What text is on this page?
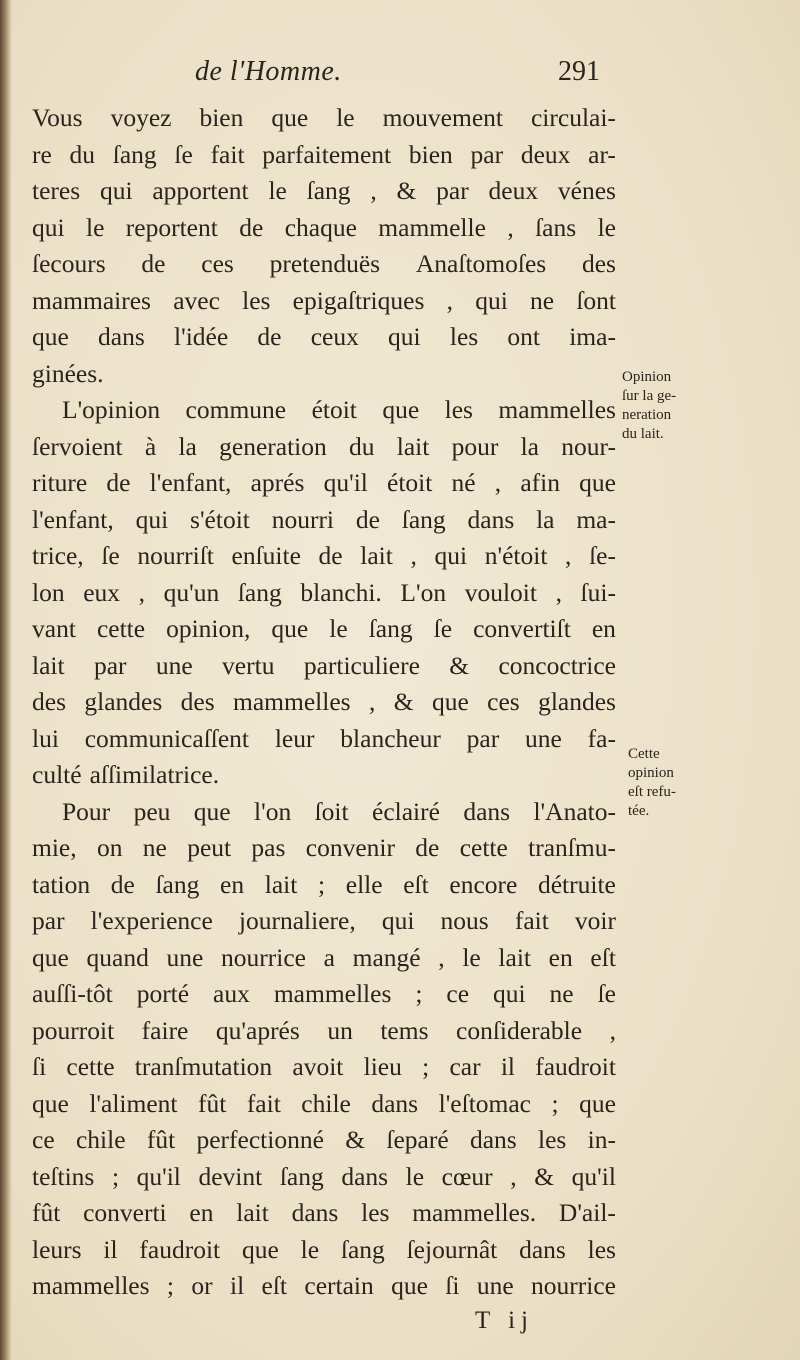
de l'Homme.	291
Vous voyez bien que le mouvement circulai-
re du ſang ſe fait parfaitement bien par deux ar-
teres qui apportent le ſang , & par deux vénes
qui le reportent de chaque mammelle , ſans le
ſecours de ces pretenduës Anaſtomoſes des
mammaires avec les epigaſtriques , qui ne ſont
que dans l'idée de ceux qui les ont ima-
ginées.
L'opinion commune étoit que les mammelles
ſervoient à la generation du lait pour la nour-
riture de l'enfant, aprés qu'il étoit né , afin que
l'enfant, qui s'étoit nourri de ſang dans la ma-
trice, ſe nourriſt enſuite de lait , qui n'étoit , ſe-
lon eux , qu'un ſang blanchi. L'on vouloit , ſui-
vant cette opinion, que le ſang ſe convertiſt en
lait par une vertu particuliere & concoctrice
des glandes des mammelles , & que ces glandes
lui communicaſſent leur blancheur par une fa-
culté aſſimilatrice.
Pour peu que l'on ſoit éclairé dans l'Anato-
mie, on ne peut pas convenir de cette tranſmu-
tation de ſang en lait ; elle eſt encore détruite
par l'experience journaliere, qui nous fait voir
que quand une nourrice a mangé , le lait en eſt
auſſi-tôt porté aux mammelles ; ce qui ne ſe
pourroit faire qu'aprés un tems conſiderable ,
ſi cette tranſmutation avoit lieu ; car il faudroit
que l'aliment fût fait chile dans l'eſtomac ; que
ce chile fût perfectionné & ſeparé dans les in-
teſtins ; qu'il devint ſang dans le cœur , & qu'il
fût converti en lait dans les mammelles. D'ail-
leurs il faudroit que le ſang ſejournât dans les
mammelles ; or il eſt certain que ſi une nourrice
Opinion
ſur la ge-
neration
du lait.
Cette
opinion
eſt refu-
tée.
T ij
